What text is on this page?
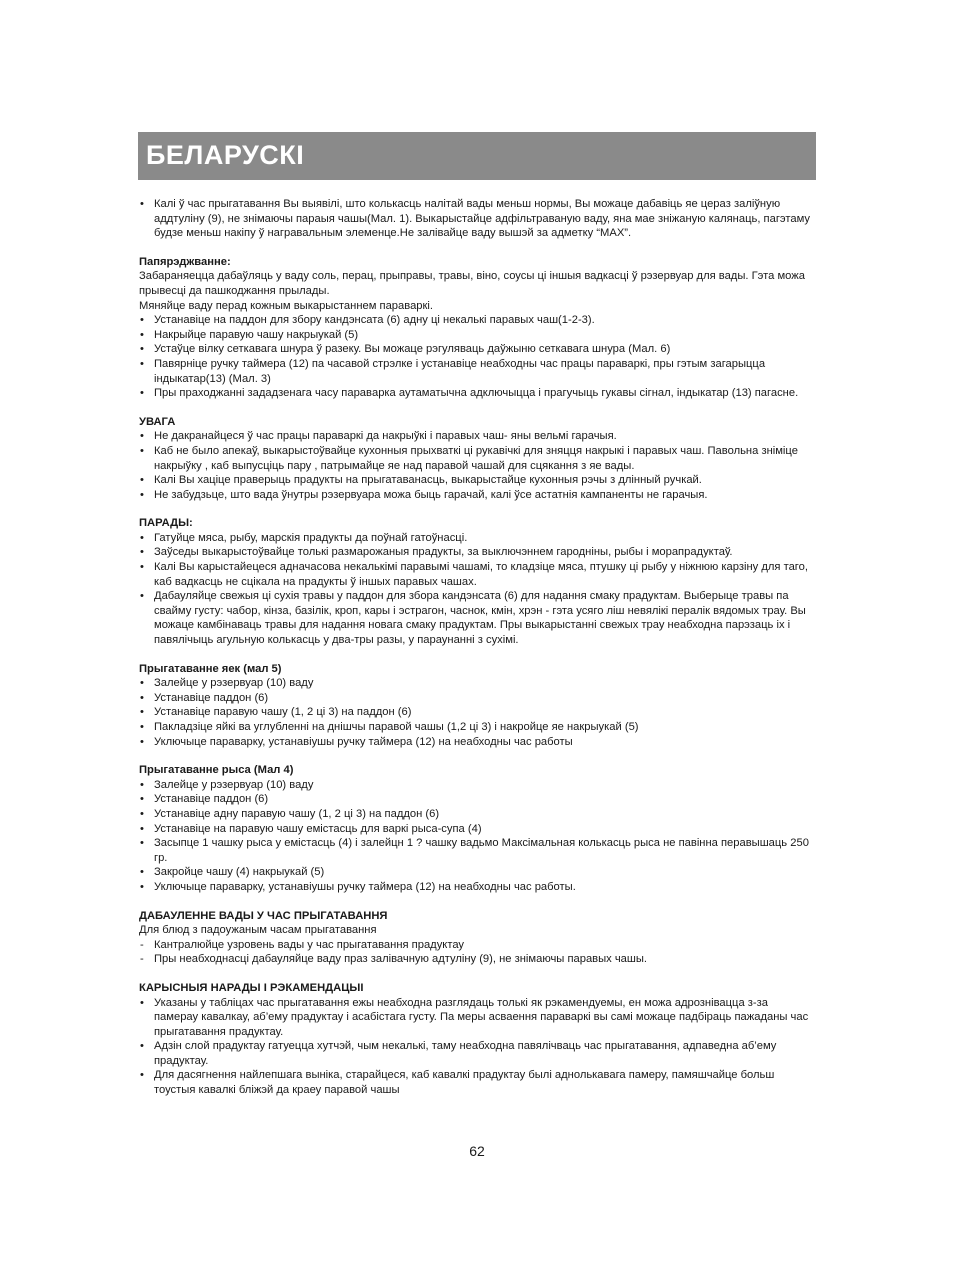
БЕЛАРУСКІ
• Калі ў час прыгатавання Вы выявілі, што колькасць налітай вады меньш нормы, Вы можаце дабавіць яе церaз заліўную аддтуліну (9), не знімаючы параыя чашы(Мал. 1). Выкарыстайце адфільтраваную ваду, яна мае зніжаную калянаць, пагэтаму будзе меньш накіпу ў награвальным элеменце.Не залівайце ваду вышэй за адметку “MAX”.

Папярэджванне:

Забараняецца дабаўляць у ваду соль, перац, прыправы, травы, віно, соусы ці іншыя вадкасці ў рэзервуар для вады. Гэта можа прывесці да пашкоджання прылады.

Мяняйце ваду перад кожным выкарыстаннем параваркі.

• Устанавіце на паддон для збору кандэнсата (6) адну ці некалькі паравых чаш(1-2-3).
• Накрыйце паравую чашу накрыукай (5)
• Устаўце вілку сеткавага шнура ў разеку. Вы можаце рэгуляваць даўжыню сеткавага шнура (Мал. 6)
• Павярніце ручку таймера (12) па часавой стрэлке і устанавіце неабходны час працы параваркі, пры гэтым загарыцца індыкатар(13) (Мал. 3)
• Пры праходжанні зададзенага часу паравaрка аутаматычна адключыцца і прагучыць гукавы сігнал, індыкатар (13) пагасне.

УВАГА

• Не дакранайцеся ў час працы параваркі да накрыўкі і паравых чаш- яны вельмі гарачыя.
• Каб не было апекаў, выкарыстоўвайце кухонныя прыхваткі ці рукавічкі для зняцця накрыкі і паравых чаш. Павольна зніміце накрыўку , каб выпусціць пару , патрымайце яе над паравой чашай для сцякання з яе вады.
• Калі Вы хаціце праверыць прадукты на прыгатаванасць, выкарыстайце кухонныя рэчы з длінный ручкай.
• Не забудзьце, што вада ўнутры рэзервуара можа быць гарачай, калі ўсе астатнія кампаненты не гарачыя.

ПАРАДЫ:

• Гатуйце мяса, рыбу, марскія прадукты да поўнай гатоўнасці.
• Заўседы выкарыстоўвайце толькі размарожаныя прадукты, за выключэннем гароднiны, рыбы i морапрадуктаў.
• Калi Вы карыстайецеся адначасова некалькiмi паравымi чашамi, то кладзiце мяса, птушку цi рыбу у нiжнюю карзiну для таго, каб вадкасць не сцiкала на прадукты ў iншых паравых чашах.
• Дабауляйце свежыя цi сухiя травы у паддон для збора кандэнсата (6) для надання смаку прадуктам. Выберыце травы па свайму густу: чабор, кiнза, базiлiк, кроп, кары i эстрагон, часнок, кмiн, хрэн - гэта усяго лiш невялiкi пералiк вядомых трау. Вы можаце камбiнаваць травы для надання новага смаку прадуктам. Пры выкарыстаннi свежых трау неабходна парэзаць iх i павялiчыць агульную колькасць у два-тры разы, у параунаннi з сухiмi.

Прыгатаванне яек (мал 5)

• Залейце у рэзервуар (10) ваду
• Устанавiце паддон (6)
• Устанавiце паравую чашу (1, 2 цi 3) на паддон (6)
• Пакладзiце яйкi ва углубленнi на днiшчы паравой чашы (1,2 цi 3) i накройце яе накрыукай (5)
• Уключыце параварку, устанавiушы ручку таймера (12) на неабходны час работы

Прыгатаванне рыса (Мал 4)

• Залейце у рэзервуар (10) ваду
• Устанавiце паддон (6)
• Устанавiце адну паравую чашу (1, 2 цi 3) на паддон (6)
• Устанавiце на паравую чашу емiстасць для варкi рыса-супа (4)
• Засыпце 1 чашку рыса у емiстасць (4) i залейцн 1 ? чашку вадьмо Максiмальная колькасць рыса не павiнна перавышаць 250 гр.
• Закройце чашу (4) накрыукай (5)
• Уключыце параварку, устанавiушы ручку таймера (12) на неабходны час работы.

ДАБАУЛЕННЕ ВАДЫ У ЧАС ПРЫГАТАВАННЯ

Для блюд з падоужаным часам прыгатавання

- Кантралюйце узровень вады у час прыгатавання прадуктау
- Пры неабходнасцi дабауляйце ваду праз залiвачную адтулiну (9), не знiмаючы паравых чашы.

КАРЫСНЫЯ НАРАДЫ I РЭКАМЕНДАЦЫI

• Указаны у таблiцах час прыгатавання ежы неабходна разглядаць толькi як рэкамендуемы, ен можа адрознiвацца з-за памерау кавалкау, аб’ему прадуктау i асабiстага густу. Па меры асваення параваркi вы самi можаце падбiраць пажаданы час прыгатавання прадуктау.
• Адзiн слой прадуктау гатуецца хутчэй, чым некалькi, таму неабходна павялiчваць час прыгатавання, адпаведна аб’ему прадуктау.
• Для дасягнення найлепшага вынiка, старайцеся, каб кавалкi прадуктау былi аднолькавага памеру, памяшчайце больш тоустыя кавалкi блiжэй да краеу паравой чашы
62
